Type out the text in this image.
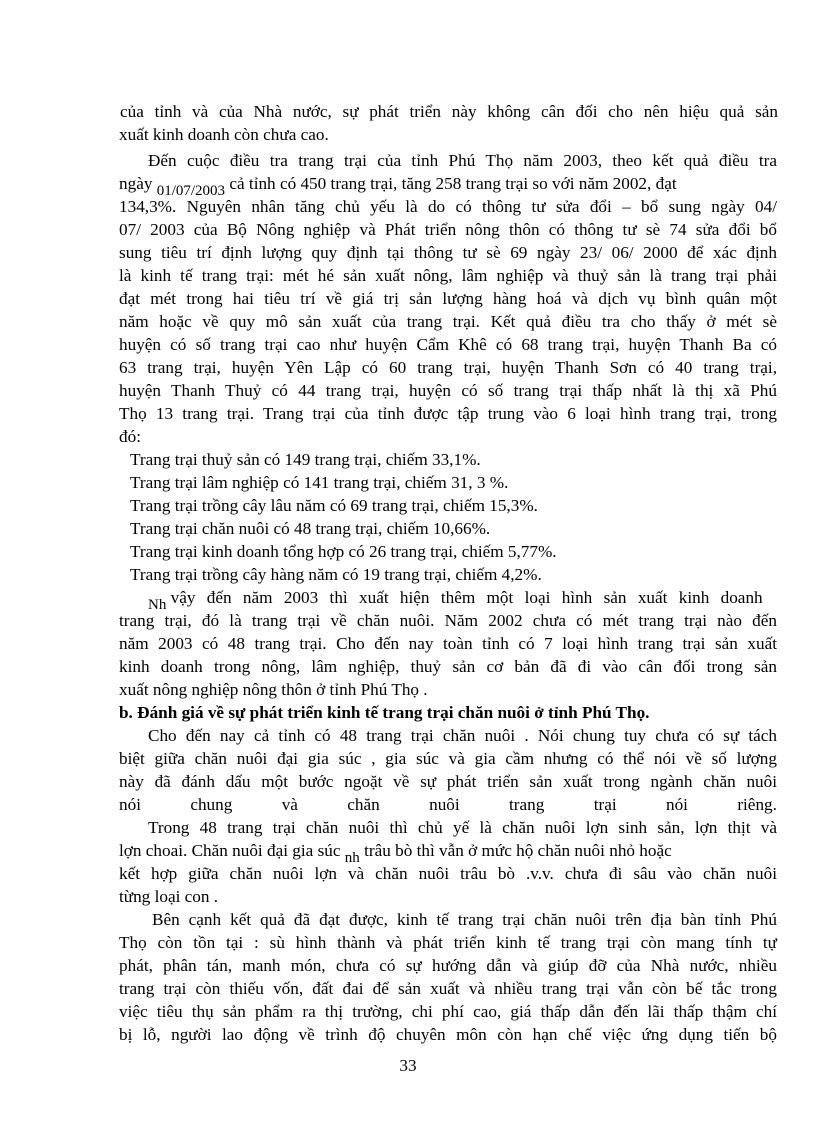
của tỉnh và của Nhà nước, sự phát triển này không cân đối cho nên hiệu quả sản
xuất kinh doanh còn chưa cao.
Đến cuộc điều tra trang trại của tỉnh Phú Thọ năm 2003, theo kết quả điều tra
ngày 01/07/2003 cả tỉnh có 450 trang trại, tăng 258 trang trại so với năm 2002, đạt
134,3%. Nguyên nhân tăng chủ yếu là do có thông tư sửa đổi – bổ sung ngày 04/
07/ 2003 của Bộ Nông nghiệp và Phát triển nông thôn có thông tư sè 74 sửa đổi bổ
sung tiêu trí định lượng quy định tại thông tư sè 69 ngày 23/ 06/ 2000 để xác định
là kinh tế trang trại: mét hé sản xuất nông, lâm nghiệp và thuỷ sản là trang trại phải
đạt mét trong hai tiêu trí về giá trị sản lượng hàng hoá và dịch vụ bình quân một
năm hoặc về quy mô sản xuất của trang trại. Kết quả điều tra cho thấy ở mét sè
huyện có số trang trại cao như huyện Cẩm Khê có 68 trang trại, huyện Thanh Ba có
63 trang trại, huyện Yên Lập có 60 trang trại, huyện Thanh Sơn có 40 trang trại,
huyện Thanh Thuỷ có 44 trang trại, huyện có số trang trại thấp nhất là thị xã Phú
Thọ 13 trang trại. Trang trại của tỉnh được tập trung vào 6 loại hình trang trại, trong
đó:
Trang trại thuỷ sản có 149 trang trại, chiếm 33,1%.
Trang trại lâm nghiệp có 141 trang trại, chiếm 31, 3 %.
Trang trại trồng cây lâu năm có 69 trang trại, chiếm 15,3%.
Trang trại chăn nuôi có 48 trang trại, chiếm 10,66%.
Trang trại kinh doanh tổng hợp có 26 trang trại, chiếm 5,77%.
Trang trại trồng cây hàng năm có 19 trang trại, chiếm 4,2%.
Nh vậy đến năm 2003 thì xuất hiện thêm một loại hình sản xuất kinh doanh
trang trại, đó là trang trại về chăn nuôi. Năm 2002 chưa có mét trang trại nào đến
năm 2003 có 48 trang trại. Cho đến nay toàn tỉnh có 7 loại hình trang trại sản xuất
kinh doanh trong nông, lâm nghiệp, thuỷ sản cơ bản đã đi vào cân đối trong sản
xuất nông nghiệp nông thôn ở tỉnh Phú Thọ .
b. Đánh giá về sự phát triển kinh tế trang trại chăn nuôi ở tỉnh Phú Thọ.
Cho đến nay cả tỉnh có 48 trang trại chăn nuôi . Nói chung tuy chưa có sự tách
biệt giữa chăn nuôi đại gia súc , gia súc và gia cầm nhưng có thể nói về số lượng
này đã đánh dấu một bước ngoặt về sự phát triển sản xuất trong ngành chăn nuôi
nói	chung	và	chăn	nuôi	trang	trại	nói	riêng.
Trong 48 trang trại chăn nuôi thì chủ yế là chăn nuôi lợn sinh sản, lợn thịt và
lợn choai. Chăn nuôi đại gia súc nh trâu bò thì vẫn ở mức hộ chăn nuôi nhỏ hoặc
kết hợp giữa chăn nuôi lợn và chăn nuôi trâu bò .v.v. chưa đi sâu vào chăn nuôi
từng loại con .
Bên cạnh kết quả đã đạt được, kinh tế trang trại chăn nuôi trên địa bàn tỉnh Phú
Thọ còn tồn tại : sù hình thành và phát triển kinh tế trang trại còn mang tính tự
phát, phân tán, manh món, chưa có sự hướng dẫn và giúp đỡ của Nhà nước, nhiều
trang trại còn thiếu vốn, đất đai để sản xuất và nhiều trang trại vẫn còn bế tắc trong
việc tiêu thụ sản phẩm ra thị trường, chi phí cao, giá thấp dẫn đến lãi thấp thậm chí
bị lỗ, người lao động về trình độ chuyên môn còn hạn chế việc ứng dụng tiến bộ
33
